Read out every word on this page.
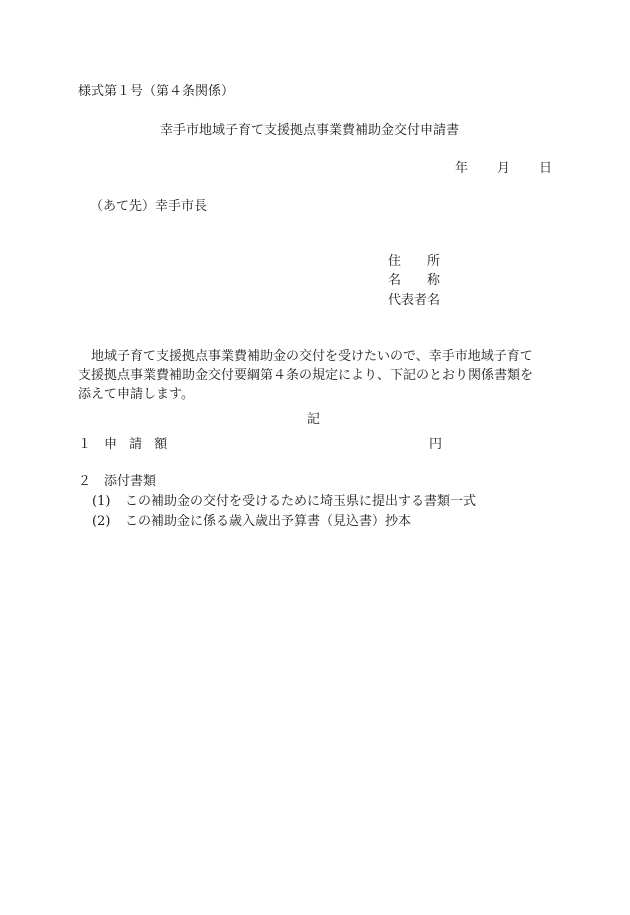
様式第１号（第４条関係）
幸手市地域子育て支援拠点事業費補助金交付申請書
年 月 日
（あて先）幸手市長
住　　所
名　　称
代表者名
　地域子育て支援拠点事業費補助金の交付を受けたいので、幸手市地域子育て
支援拠点事業費補助金交付要綱第４条の規定により、下記のとおり関係書類を
添えて申請します。
記
１ 申 請 額	円
２ 添付書類
(1) この補助金の交付を受けるために埼玉県に提出する書類一式
(2) この補助金に係る歳入歳出予算書（見込書）抄本
